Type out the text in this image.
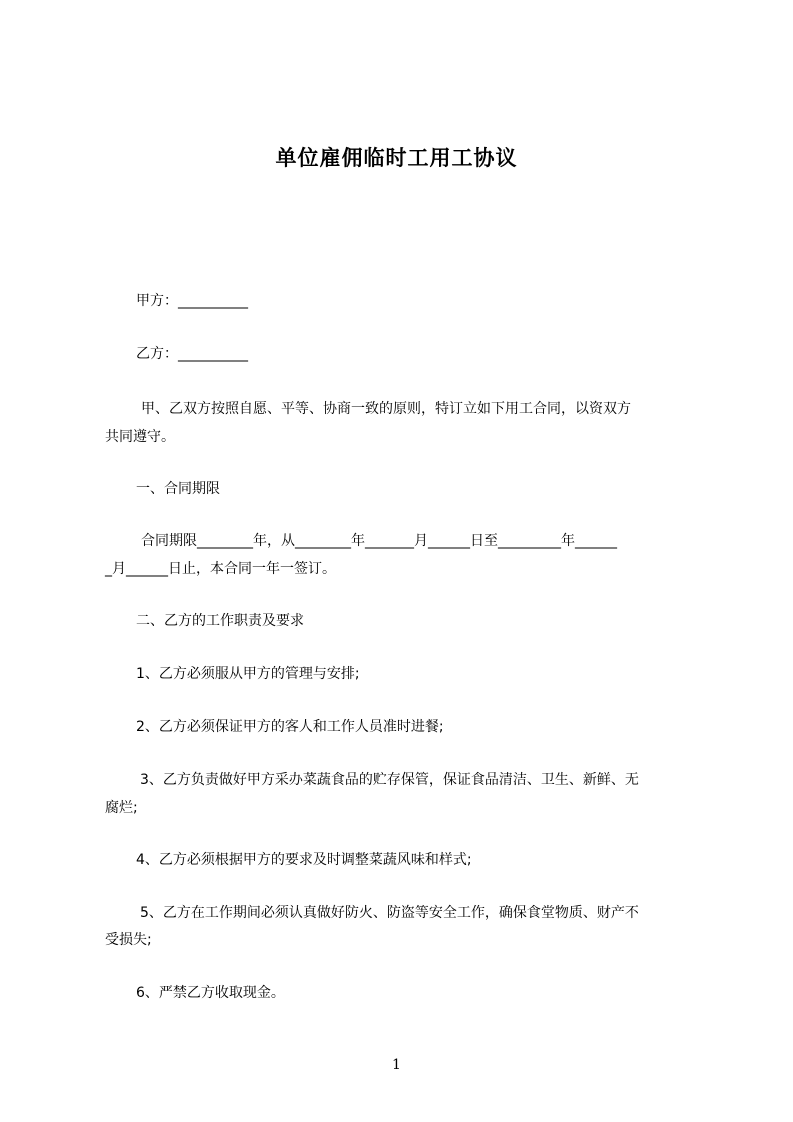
单位雇佣临时工用工协议
甲方：__________
乙方：__________
甲、乙双方按照自愿、平等、协商一致的原则，特订立如下用工合同，以资双方
共同遵守。
一、合同期限
合同期限________年，从________年_______月______日至_________年______
_月______日止，本合同一年一签订。
二、乙方的工作职责及要求
1、乙方必须服从甲方的管理与安排;
2、乙方必须保证甲方的客人和工作人员准时进餐;
3、乙方负责做好甲方采办菜蔬食品的贮存保管，保证食品清洁、卫生、新鲜、无
腐烂;
4、乙方必须根据甲方的要求及时调整菜蔬风味和样式;
5、乙方在工作期间必须认真做好防火、防盗等安全工作，确保食堂物质、财产不
受损失;
6、严禁乙方收取现金。
1
